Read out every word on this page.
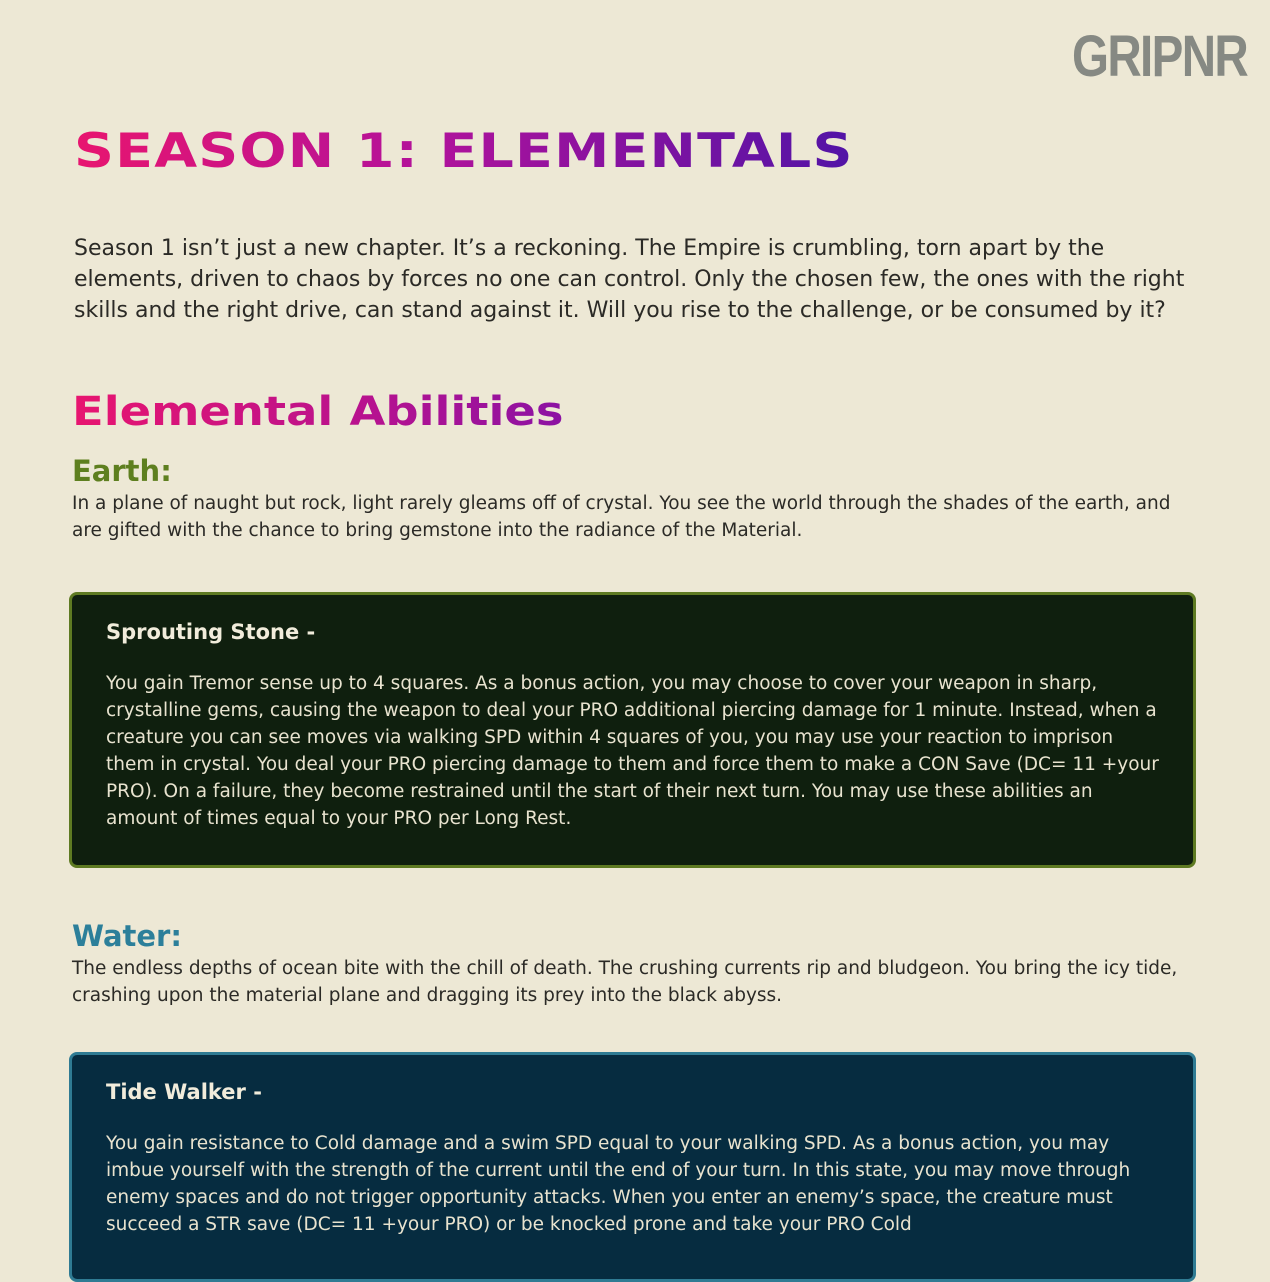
GRIPNR
SEASON 1: ELEMENTALS

Season 1 isn’t just a new chapter. It’s a reckoning. The Empire is crumbling, torn apart by the elements, driven to chaos by forces no one can control. Only the chosen few, the ones with the right skills and the right drive, can stand against it. Will you rise to the challenge, or be consumed by it?

Elemental Abilities
Earth:

In a plane of naught but rock, light rarely gleams off of crystal. You see the world through the shades of the earth, and are gifted with the chance to bring gemstone into the radiance of the Material.

Sprouting Stone -

You gain Tremor sense up to 4 squares. As a bonus action, you may choose to cover your weapon in sharp, crystalline gems, causing the weapon to deal your PRO additional piercing damage for 1 minute. Instead, when a creature you can see moves via walking SPD within 4 squares of you, you may use your reaction to imprison them in crystal. You deal your PRO piercing damage to them and force them to make a CON Save (DC= 11 +your PRO). On a failure, they become restrained until the start of their next turn. You may use these abilities an amount of times equal to your PRO per Long Rest.

Water:

The endless depths of ocean bite with the chill of death. The crushing currents rip and bludgeon. You bring the icy tide, crashing upon the material plane and dragging its prey into the black abyss.

Tide Walker -

You gain resistance to Cold damage and a swim SPD equal to your walking SPD. As a bonus action, you may imbue yourself with the strength of the current until the end of your turn. In this state, you may move through enemy spaces and do not trigger opportunity attacks. When you enter an enemy’s space, the creature must succeed a STR save (DC= 11 +your PRO) or be knocked prone and take your PRO Cold
